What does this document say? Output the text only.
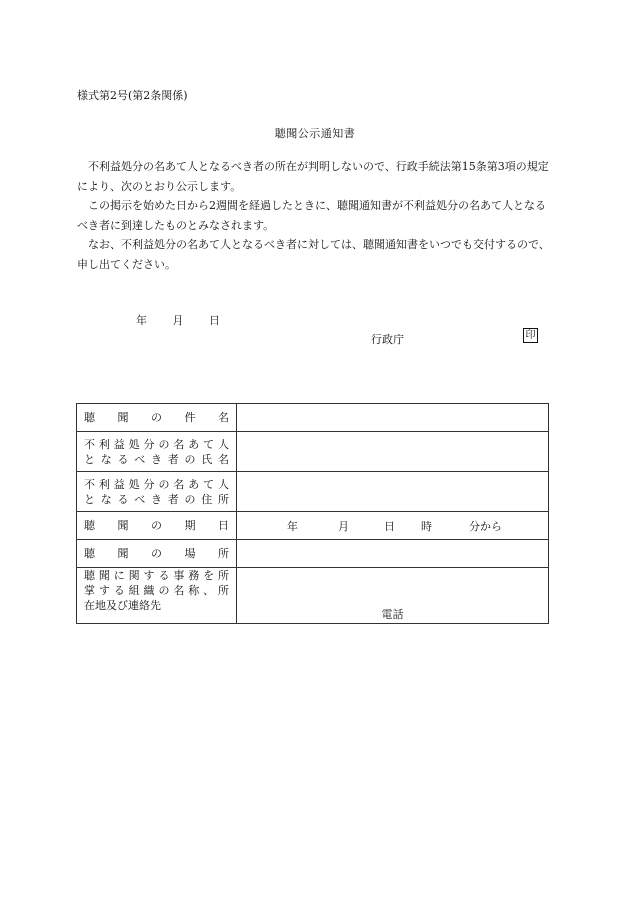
様式第2号(第2条関係)
聴聞公示通知書

不利益処分の名あて人となるべき者の所在が判明しないので、行政手続法第15条第3項の規定により、次のとおり公示します。

この掲示を始めた日から2週間を経過したときに、聴聞通知書が不利益処分の名あて人となるべき者に到達したものとみなされます。

なお、不利益処分の名あて人となるべき者に対しては、聴聞通知書をいつでも交付するので、申し出てください。

年 月 日
行政庁	印
聴聞の件名	

不利益処分の名あて人
となるべき者の氏名	

不利益処分の名あて人
となるべき者の住所	

聴聞の期日	年 月 日 時 分から

聴聞の場所	

聴聞に関する事務を所
掌する組織の名称、所
在地及び連絡先	電話
